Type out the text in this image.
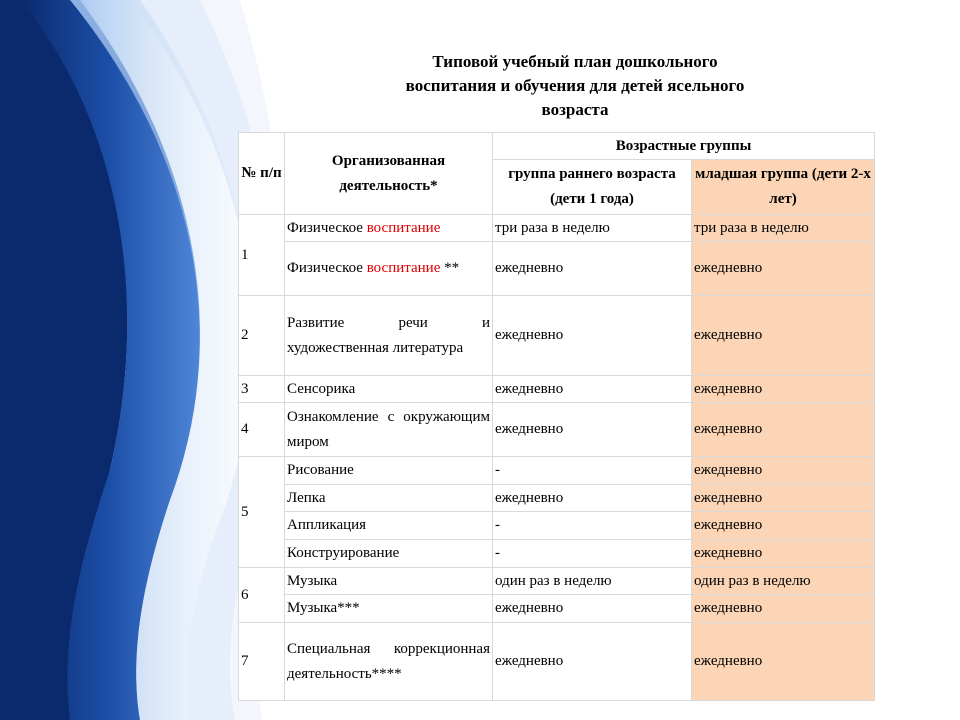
Типовой учебный план дошкольного
воспитания и обучения для детей ясельного
возраста
№ п/п	Организованная деятельность*	Возрастные группы	
		группа раннего возраста (дети 1 года)	младшая группа (дети 2-х лет)
1	Физическое воспитание	три раза в неделю	три раза в неделю
	Физическое воспитание **	ежедневно	ежедневно
2	Развитие речи и художественная литература	ежедневно	ежедневно
3	Сенсорика	ежедневно	ежедневно
4	Ознакомление с окружающим миром	ежедневно	ежедневно
5	Рисование	-	ежедневно
	Лепка	ежедневно	ежедневно
	Аппликация	-	ежедневно
	Конструирование	-	ежедневно
6	Музыка	один раз в неделю	один раз в неделю
	Музыка***	ежедневно	ежедневно
7	Специальная коррекционная деятельность****	ежедневно	ежедневно
